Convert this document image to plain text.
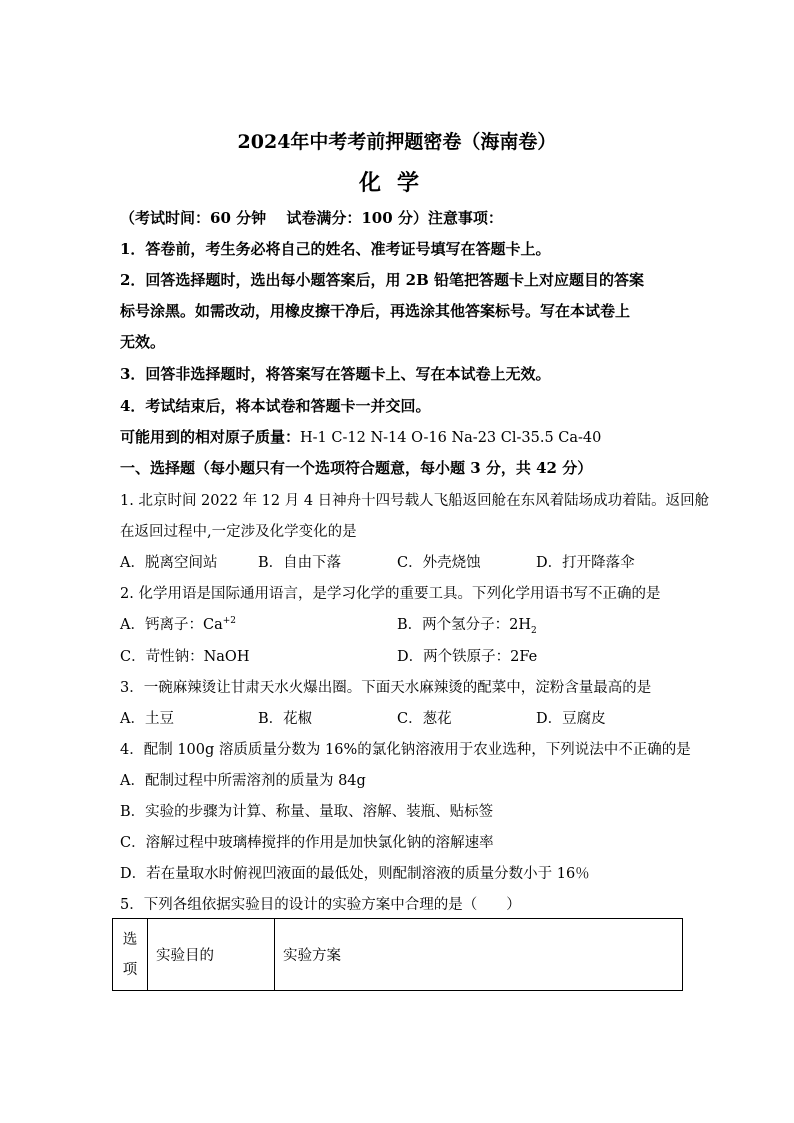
2024年中考考前押题密卷（海南卷）
化学
（考试时间：60 分钟　 试卷满分：100 分）注意事项：
1．答卷前，考生务必将自己的姓名、准考证号填写在答题卡上。
2．回答选择题时，选出每小题答案后，用 2B 铅笔把答题卡上对应题目的答案
标号涂黑。如需改动，用橡皮擦干净后，再选涂其他答案标号。写在本试卷上
无效。
3．回答非选择题时，将答案写在答题卡上、写在本试卷上无效。
4．考试结束后，将本试卷和答题卡一并交回。
可能用到的相对原子质量：H-1 C-12 N-14 O-16 Na-23 Cl-35.5 Ca-40
一、选择题（每小题只有一个选项符合题意，每小题 3 分，共 42 分）
1. 北京时间 2022 年 12 月 4 日神舟十四号载人飞船返回舱在东风着陆场成功着陆。返回舱
在返回过程中,一定涉及化学变化的是
A．脱离空间站	B．自由下落	C．外壳烧蚀	D．打开降落伞
2. 化学用语是国际通用语言，是学习化学的重要工具。下列化学用语书写不正确的是
A．钙离子：$Ca^{+2}$	B．两个氢分子：$2H_2$
C．苛性钠：NaOH	D．两个铁原子：2Fe
3．一碗麻辣烫让甘肃天水火爆出圈。下面天水麻辣烫的配菜中，淀粉含量最高的是
A．土豆	B．花椒	C．葱花	D．豆腐皮
4．配制 100g 溶质质量分数为 16%的氯化钠溶液用于农业选种，下列说法中不正确的是
A．配制过程中所需溶剂的质量为 84g
B．实验的步骤为计算、称量、量取、溶解、装瓶、贴标签
C．溶解过程中玻璃棒搅拌的作用是加快氯化钠的溶解速率
D．若在量取水时俯视凹液面的最低处，则配制溶液的质量分数小于 16％
5．下列各组依据实验目的设计的实验方案中合理的是（　　）
选
项
	实验目的	实验方案
